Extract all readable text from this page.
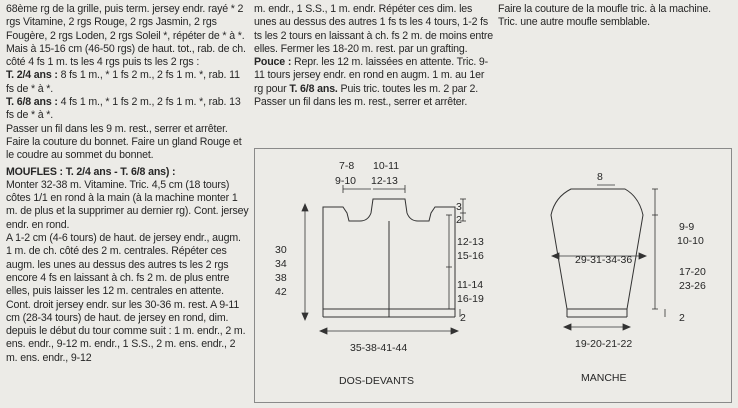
68ème rg de la grille, puis term. jersey endr. rayé * 2 rgs Vitamine, 2 rgs Rouge, 2 rgs Jasmin, 2 rgs Fougère, 2 rgs Loden, 2 rgs Soleil *, répéter de * à *. Mais à 15-16 cm (46-50 rgs) de haut. tot., rab. de ch. côté 4 fs 1 m. ts les 4 rgs puis ts les 2 rgs :

T. 2/4 ans : 8 fs 1 m., * 1 fs 2 m., 2 fs 1 m. *, rab. 11 fs de * à *.

T. 6/8 ans : 4 fs 1 m., * 1 fs 2 m., 2 fs 1 m. *, rab. 13 fs de * à *.

Passer un fil dans les 9 m. rest., serrer et arrêter.

Faire la couture du bonnet. Faire un gland Rouge et le coudre au sommet du bonnet.

MOUFLES : T. 2/4 ans - T. 6/8 ans) :

Monter 32-38 m. Vitamine. Tric. 4,5 cm (18 tours) côtes 1/1 en rond à la main (à la machine monter 1 m. de plus et la supprimer au dernier rg). Cont. jersey endr. en rond.

A 1-2 cm (4-6 tours) de haut. de jersey endr., augm. 1 m. de ch. côté des 2 m. centrales. Répéter ces augm. les unes au dessus des autres ts les 2 rgs encore 4 fs en laissant à ch. fs 2 m. de plus entre elles, puis laisser les 12 m. centrales en attente. Cont. droit jersey endr. sur les 30-36 m. rest. A 9-11 cm (28-34 tours) de haut. de jersey en rond, dim. depuis le début du tour comme suit : 1 m. endr., 2 m. ens. endr., 9-12 m. endr., 1 S.S., 2 m. ens. endr., 2 m. ens. endr., 9-12

m. endr., 1 S.S., 1 m. endr. Répéter ces dim. les unes au dessus des autres 1 fs ts les 4 tours, 1-2 fs ts les 2 tours en laissant à ch. fs 2 m. de moins entre elles. Fermer les 18-20 m. rest. par un grafting.

Pouce : Repr. les 12 m. laissées en attente. Tric. 9-11 tours jersey endr. en rond en augm. 1 m. au 1er rg pour T. 6/8 ans. Puis tric. toutes les m. 2 par 2. Passer un fil dans les m. rest., serrer et arrêter.

Faire la couture de la moufle tric. à la machine.

Tric. une autre moufle semblable.

7-8
9-10
10-11
12-13
3
2
12-13
15-16
11-14
16-19
2
30
34
38
42
35-38-41-44
DOS-DEVANTS
8
9-9
10-10
29-31-34-36
17-20
23-26
2
19-20-21-22
MANCHE
